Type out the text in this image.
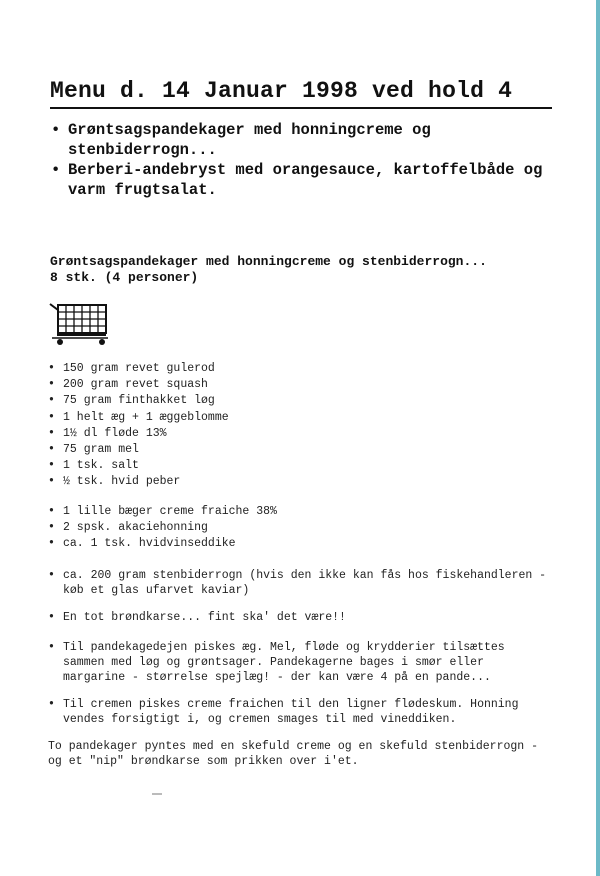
Menu d. 14 Januar 1998 ved hold 4
• Grøntsagspandekager med honningcreme og stenbiderrogn...
• Berberi-andebryst med orangesauce, kartoffelbåde og varm frugtsalat.
Grøntsagspandekager med honningcreme og stenbiderrogn...
8 stk. (4 personer)
• 150 gram revet gulerod
• 200 gram revet squash
• 75 gram finthakket løg
• 1 helt æg + 1 æggeblomme
• 1½ dl fløde 13%
• 75 gram mel
• 1 tsk. salt
• ½ tsk. hvid peber
• 1 lille bæger creme fraiche 38%
• 2 spsk. akaciehonning
• ca. 1 tsk. hvidvinseddike
• ca. 200 gram stenbiderrogn (hvis den ikke kan fås hos fiskehandleren - køb et glas ufarvet kaviar)
• En tot brøndkarse... fint ska' det være!!
• Til pandekagedejen piskes æg. Mel, fløde og krydderier tilsættes sammen med løg og grøntsager. Pandekagerne bages i smør eller margarine - størrelse spejlæg! - der kan være 4 på en pande...
• Til cremen piskes creme fraichen til den ligner flødeskum. Honning vendes forsigtigt i, og cremen smages til med vineddiken.
To pandekager pyntes med en skefuld creme og en skefuld stenbiderrogn - og et "nip" brøndkarse som prikken over i'et.
